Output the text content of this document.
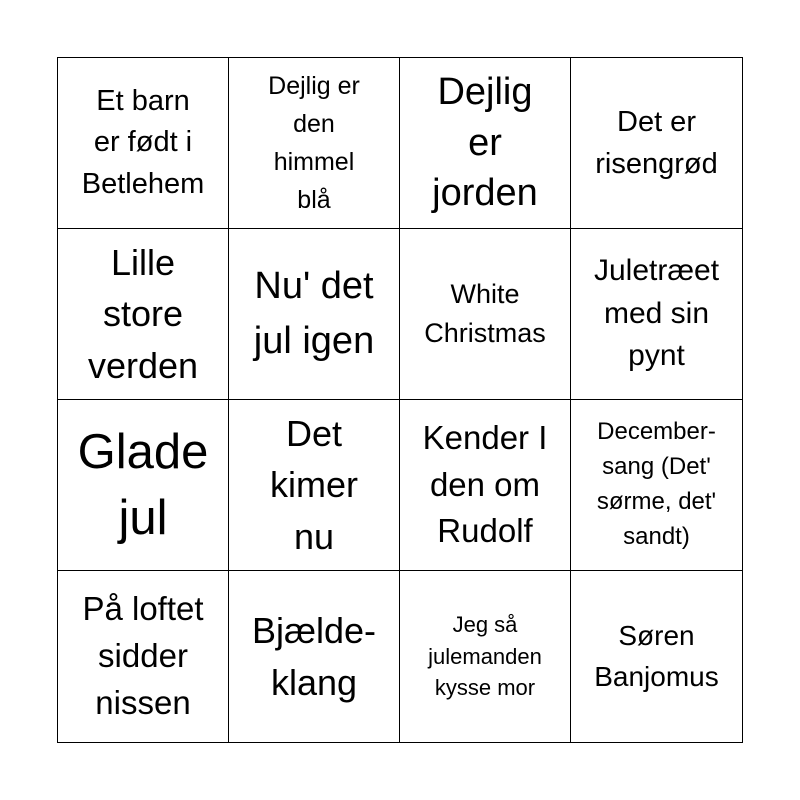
Et barn
er født i
Betlehem
Dejlig er
den
himmel
blå
Dejlig
er
jorden
Det er
risengrød
Lille
store
verden
Nu' det
jul igen
White
Christmas
Juletræet
med sin
pynt
Glade
jul
Det
kimer
nu
Kender I
den om
Rudolf
December-
sang (Det'
sørme, det'
sandt)
På loftet
sidder
nissen
Bjælde-
klang
Jeg så
julemanden
kysse mor
Søren
Banjomus
